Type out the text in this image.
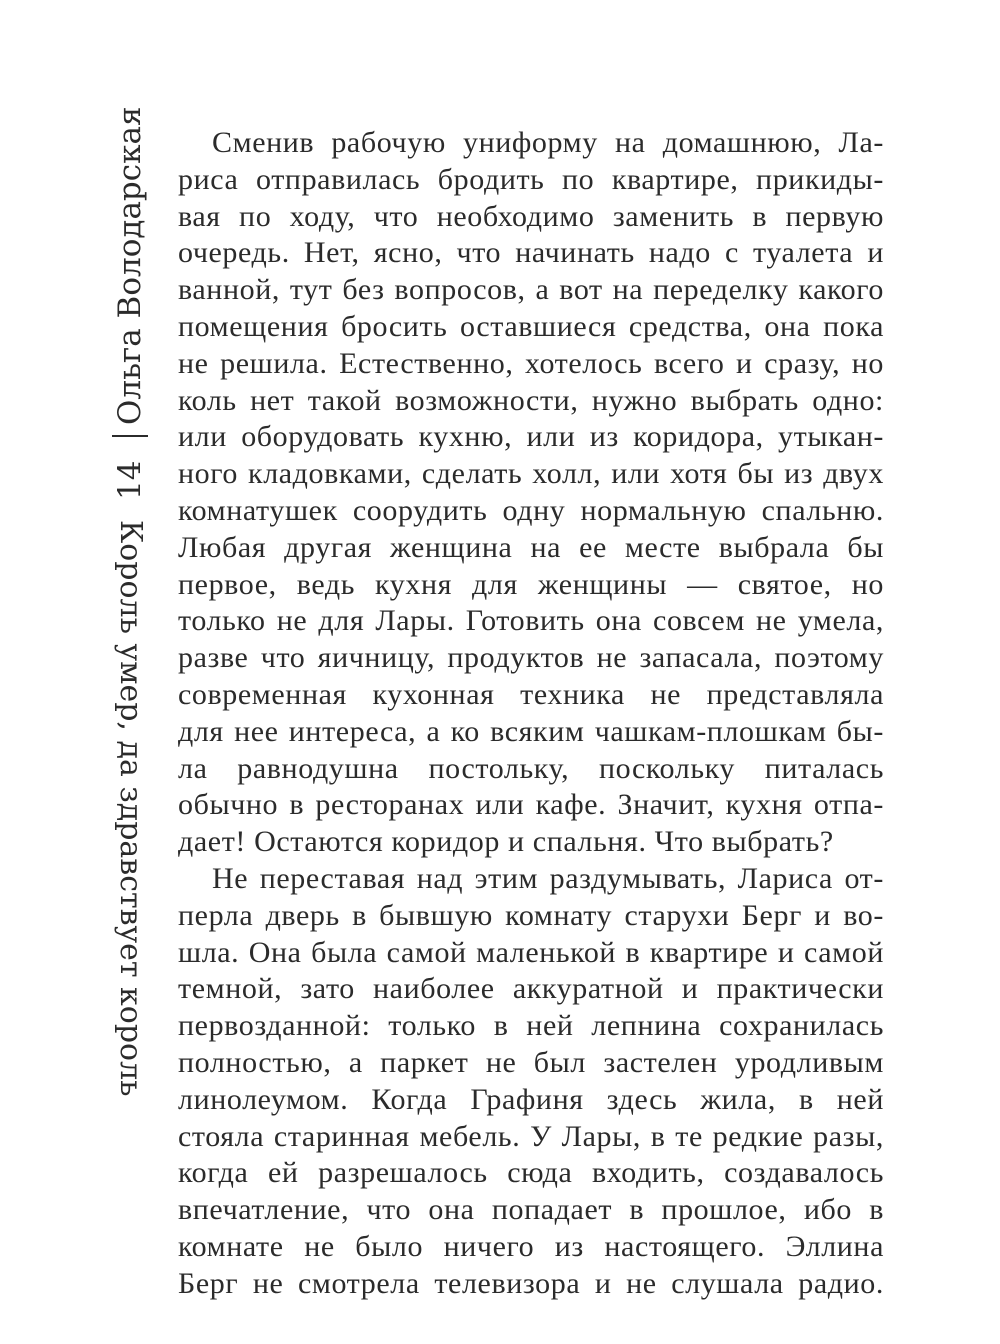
Ольга Володарская
14
Король умер, да здравствует король

Сменив рабочую униформу на домашнюю, Ла-
риса отправилась бродить по квартире, прикиды-
вая по ходу, что необходимо заменить в первую
очередь. Нет, ясно, что начинать надо с туалета и
ванной, тут без вопросов, а вот на переделку какого
помещения бросить оставшиеся средства, она пока
не решила. Естественно, хотелось всего и сразу, но
коль нет такой возможности, нужно выбрать одно:
или оборудовать кухню, или из коридора, утыкан-
ного кладовками, сделать холл, или хотя бы из двух
комнатушек соорудить одну нормальную спальню.
Любая другая женщина на ее месте выбрала бы
первое, ведь кухня для женщины — святое, но
только не для Лары. Готовить она совсем не умела,
разве что яичницу, продуктов не запасала, поэтому
современная кухонная техника не представляла
для нее интереса, а ко всяким чашкам-плошкам бы-
ла равнодушна постольку, поскольку питалась
обычно в ресторанах или кафе. Значит, кухня отпа-
дает! Остаются коридор и спальня. Что выбрать?

Не переставая над этим раздумывать, Лариса от-
перла дверь в бывшую комнату старухи Берг и во-
шла. Она была самой маленькой в квартире и самой
темной, зато наиболее аккуратной и практически
первозданной: только в ней лепнина сохранилась
полностью, а паркет не был застелен уродливым
линолеумом. Когда Графиня здесь жила, в ней
стояла старинная мебель. У Лары, в те редкие разы,
когда ей разрешалось сюда входить, создавалось
впечатление, что она попадает в прошлое, ибо в
комнате не было ничего из настоящего. Эллина
Берг не смотрела телевизора и не слушала радио.
